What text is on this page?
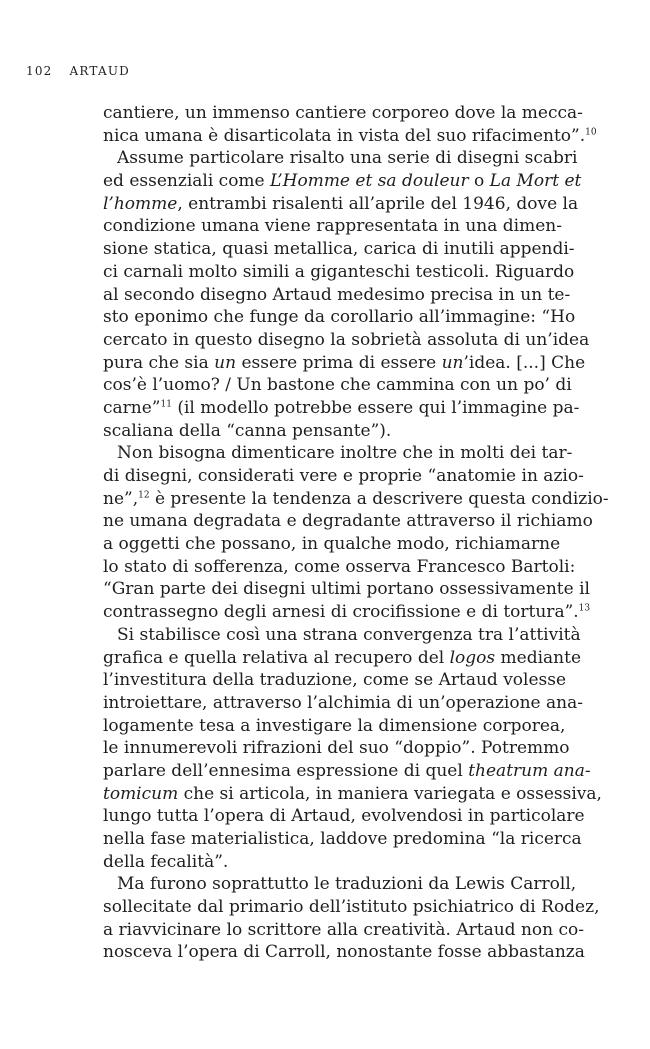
102 ARTAUD
cantiere, un immenso cantiere corporeo dove la mecca-
nica umana è disarticolata in vista del suo rifacimento”.$^{10}$
Assume particolare risalto una serie di disegni scabri
ed essenziali come L’Homme et sa douleur o La Mort et
l’homme, entrambi risalenti all’aprile del 1946, dove la
condizione umana viene rappresentata in una dimen-
sione statica, quasi metallica, carica di inutili appendi-
ci carnali molto simili a giganteschi testicoli. Riguardo
al secondo disegno Artaud medesimo precisa in un te-
sto eponimo che funge da corollario all’immagine: “Ho
cercato in questo disegno la sobrietà assoluta di un’idea
pura che sia un essere prima di essere un’idea. [...] Che
cos’è l’uomo? / Un bastone che cammina con un po’ di
carne”$^{11}$ (il modello potrebbe essere qui l’immagine pa-
scaliana della “canna pensante”).
Non bisogna dimenticare inoltre che in molti dei tar-
di disegni, considerati vere e proprie “anatomie in azio-
ne”,$^{12}$ è presente la tendenza a descrivere questa condizio-
ne umana degradata e degradante attraverso il richiamo
a oggetti che possano, in qualche modo, richiamarne
lo stato di sofferenza, come osserva Francesco Bartoli:
“Gran parte dei disegni ultimi portano ossessivamente il
contrassegno degli arnesi di crocifissione e di tortura”.$^{13}$
Si stabilisce così una strana convergenza tra l’attività
grafica e quella relativa al recupero del logos mediante
l’investitura della traduzione, come se Artaud volesse
introiettare, attraverso l’alchimia di un’operazione ana-
logamente tesa a investigare la dimensione corporea,
le innumerevoli rifrazioni del suo “doppio”. Potremmo
parlare dell’ennesima espressione di quel theatrum ana-
tomicum che si articola, in maniera variegata e ossessiva,
lungo tutta l’opera di Artaud, evolvendosi in particolare
nella fase materialistica, laddove predomina “la ricerca
della fecalità”.
Ma furono soprattutto le traduzioni da Lewis Carroll,
sollecitate dal primario dell’istituto psichiatrico di Rodez,
a riavvicinare lo scrittore alla creatività. Artaud non co-
nosceva l’opera di Carroll, nonostante fosse abbastanza
